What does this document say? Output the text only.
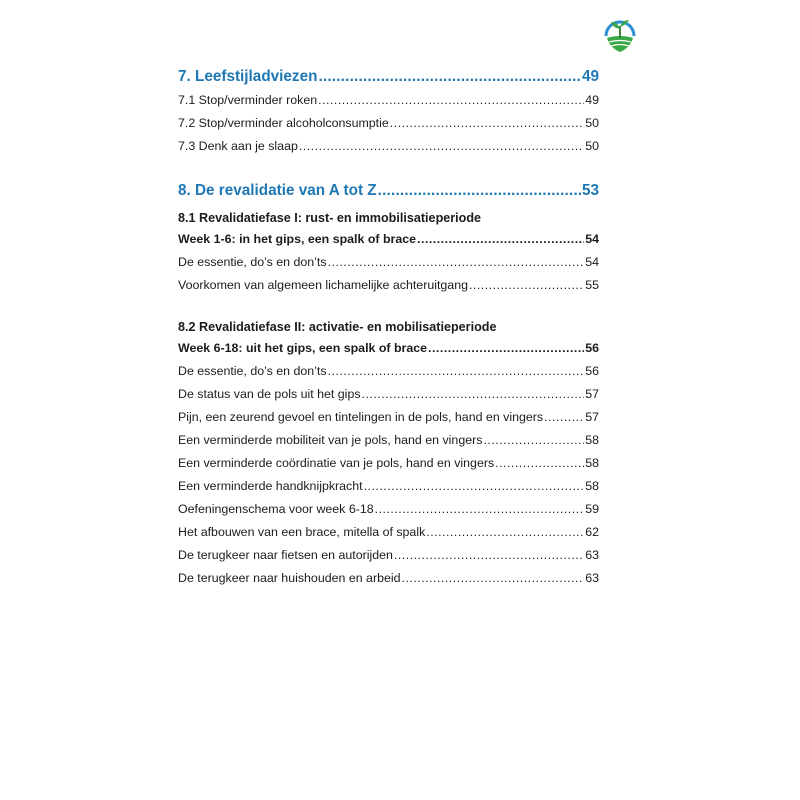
7. Leefstijladviezen .....	49
7.1 Stop/verminder roken .....	49
7.2 Stop/verminder alcoholconsumptie .....	50
7.3 Denk aan je slaap .....	50
8. De revalidatie van A tot Z .....	53
8.1 Revalidatiefase I: rust- en immobilisatieperiode
Week 1-6: in het gips, een spalk of brace .....	54
De essentie, do’s en don’ts .....	54
Voorkomen van algemeen lichamelijke achteruitgang .....	55
8.2 Revalidatiefase II: activatie- en mobilisatieperiode
Week 6-18: uit het gips, een spalk of brace .....	56
De essentie, do’s en don’ts .....	56
De status van de pols uit het gips .....	57
Pijn, een zeurend gevoel en tintelingen in de pols, hand en vingers .....	57
Een verminderde mobiliteit van je pols, hand en vingers .....	58
Een verminderde coördinatie van je pols, hand en vingers .....	58
Een verminderde handknijpkracht .....	58
Oefeningenschema voor week 6-18 .....	59
Het afbouwen van een brace, mitella of spalk .....	62
De terugkeer naar fietsen en autorijden .....	63
De terugkeer naar huishouden en arbeid .....	63
